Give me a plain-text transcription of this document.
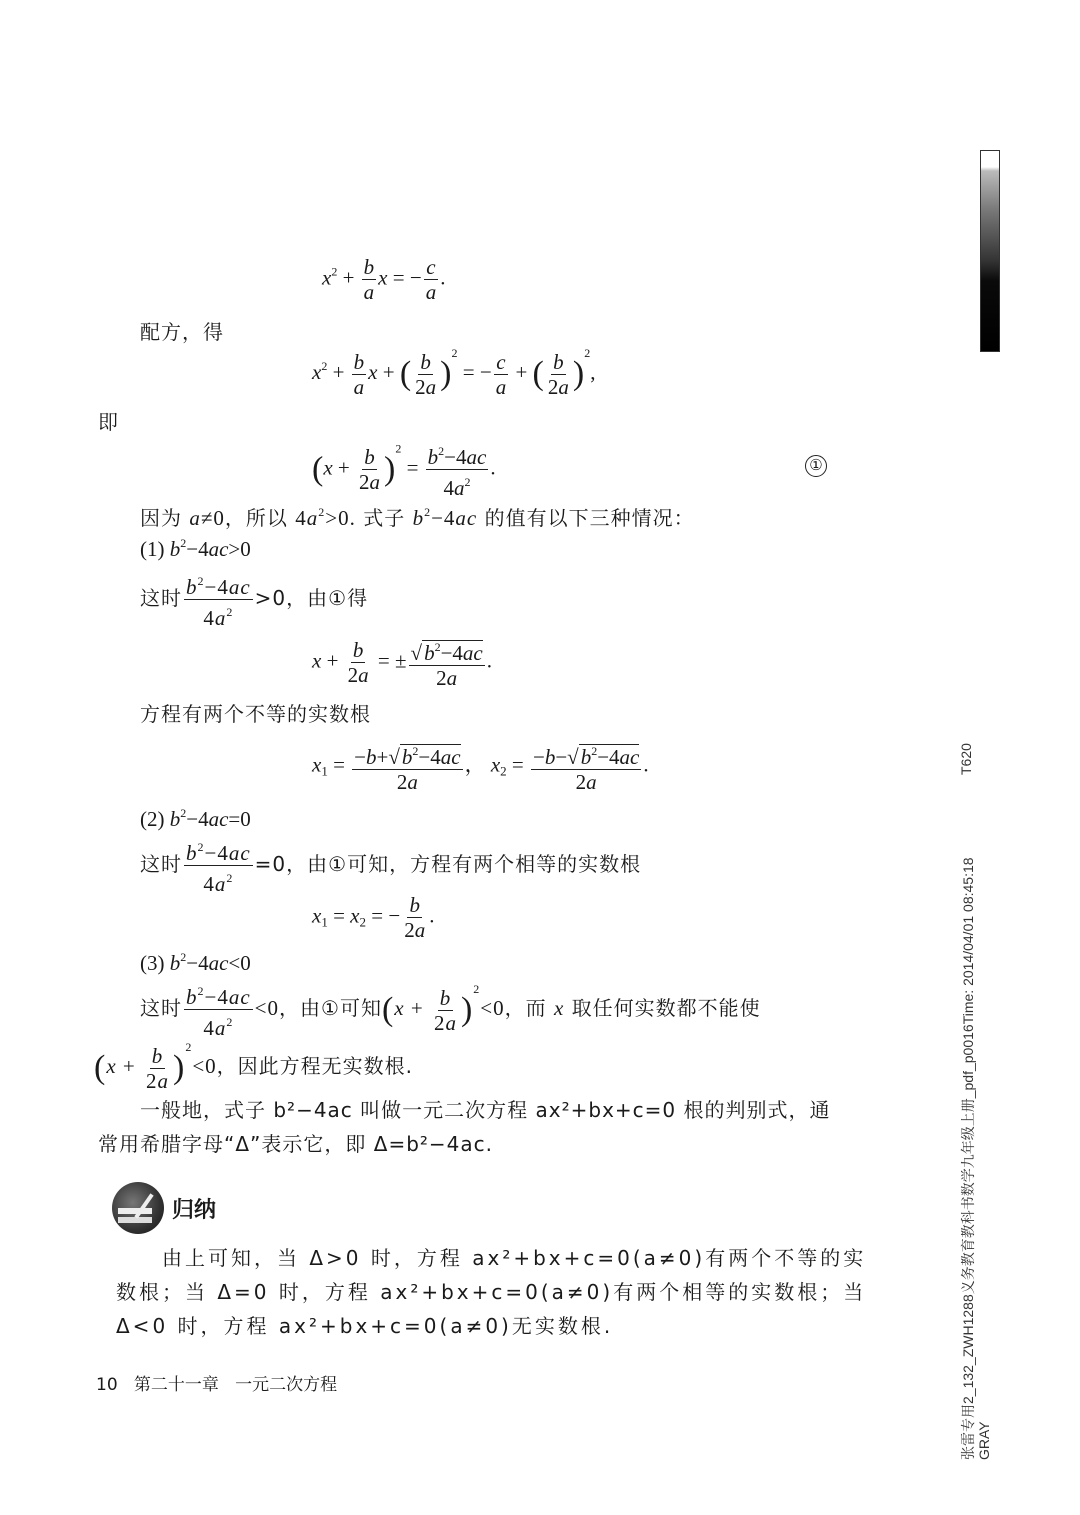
$x^2 + \frac{b}{a}$ x = − $\frac{c}{a}$ .
配方，得
$x^2 + \frac{b}{a}$ x + ( $\frac{b}{2a} )^2$ = − $\frac{c}{a}$ + ( $\frac{b}{2a} )^2$,
即
$(x + \frac{b}{2a} )^2 = \frac{b^2-4ac}{4a^2}$ .	①
因为 a≠0，所以 $4a^2>0$. 式子 $b^2-4ac$ 的值有以下三种情况：
(1) $b^2-4ac>0$
这时 $\frac{b^2-4ac}{4a^2} >0$，由①得
$x + \frac{b}{2a}$ = ± $\frac{√b^2-4ac}{2a}$ .
方程有两个不等的实数根
$x_1 = \frac{-b+√b^2-4ac}{2a}$ ， $x_2 = \frac{-b-√b^2-4ac}{2a}$ .
(2) $b^2-4ac=0$
这时 $\frac{b^2-4ac}{4a^2} =0$，由①可知，方程有两个相等的实数根
$x_1 = x_2$ = − $\frac{b}{2a}$ .
(3) $b^2-4ac<0$
这时 $\frac{b^2-4ac}{4a^2} <0$，由①可知$(x + \frac{b}{2a} )^2<0$，而 x 取任何实数都不能使
$(x + \frac{b}{2a} )^2<0$，因此方程无实数根.
一般地，式子 b²−4ac 叫做一元二次方程 ax²+bx+c=0 根的判别式，通
常用希腊字母“Δ”表示它，即 Δ=b²−4ac.
归纳
由上可知，当 Δ>0 时，方程 ax²+bx+c=0(a≠0)有两个不等的实
数根；当 Δ=0 时，方程 ax²+bx+c=0(a≠0)有两个相等的实数根；当
Δ<0 时，方程 ax²+bx+c=0(a≠0)无实数根.
10 第二十一章 一元二次方程
T620
张雷专用2_132_ZWH1288义务教育教科书数学九年级上册_pdf_p0016Time: 2014/04/01 08:45:18 GRAY
